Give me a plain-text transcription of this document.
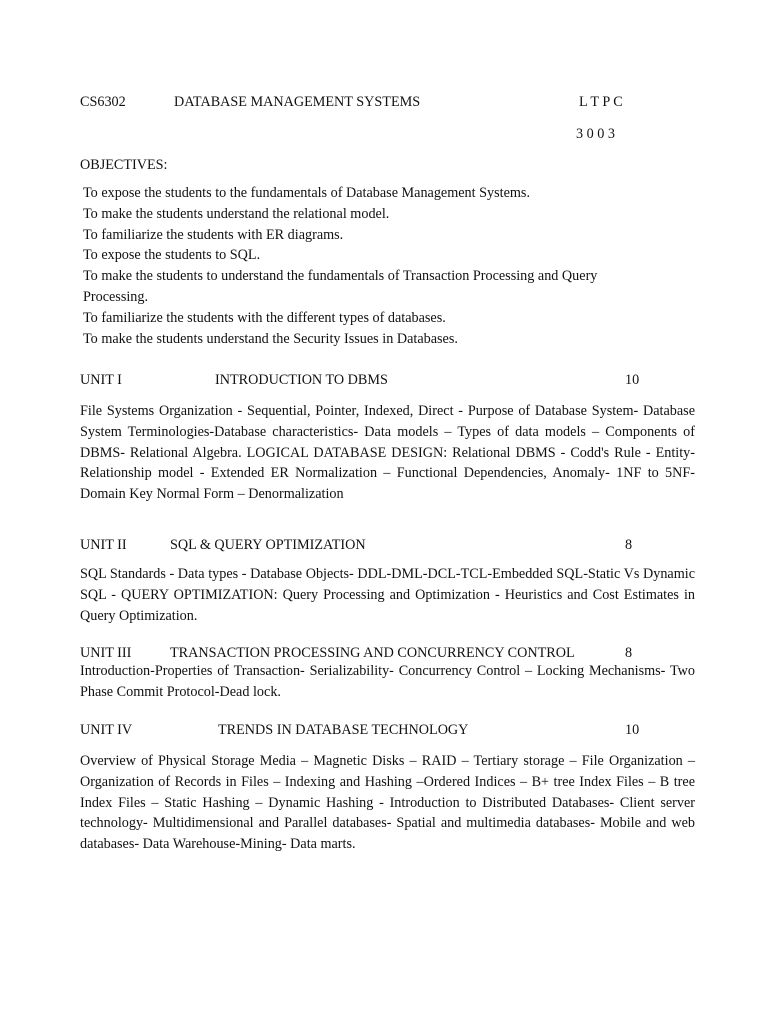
CS6302	DATABASE MANAGEMENT SYSTEMS	L T P C
3 0 0 3
OBJECTIVES:
To expose the students to the fundamentals of Database Management Systems.
To make the students understand the relational model.
To familiarize the students with ER diagrams.
To expose the students to SQL.
To make the students to understand the fundamentals of Transaction Processing and Query Processing.
To familiarize the students with the different types of databases.
To make the students understand the Security Issues in Databases.
UNIT I	INTRODUCTION TO DBMS	10
File Systems Organization - Sequential, Pointer, Indexed, Direct - Purpose of Database System- Database System Terminologies-Database characteristics- Data models – Types of data models – Components of DBMS- Relational Algebra. LOGICAL DATABASE DESIGN: Relational DBMS - Codd's Rule - Entity-Relationship model - Extended ER Normalization – Functional Dependencies, Anomaly- 1NF to 5NF- Domain Key Normal Form – Denormalization
UNIT II	SQL & QUERY OPTIMIZATION	8
SQL Standards - Data types - Database Objects- DDL-DML-DCL-TCL-Embedded SQL-Static Vs Dynamic SQL - QUERY OPTIMIZATION: Query Processing and Optimization - Heuristics and Cost Estimates in Query Optimization.
UNIT III	TRANSACTION PROCESSING AND CONCURRENCY CONTROL	8
Introduction-Properties of Transaction- Serializability- Concurrency Control – Locking Mechanisms- Two Phase Commit Protocol-Dead lock.
UNIT IV	TRENDS IN DATABASE TECHNOLOGY	10
Overview of Physical Storage Media – Magnetic Disks – RAID – Tertiary storage – File Organization – Organization of Records in Files – Indexing and Hashing –Ordered Indices – B+ tree Index Files – B tree Index Files – Static Hashing – Dynamic Hashing - Introduction to Distributed Databases- Client server technology- Multidimensional and Parallel databases- Spatial and multimedia databases- Mobile and web databases- Data Warehouse-Mining- Data marts.
